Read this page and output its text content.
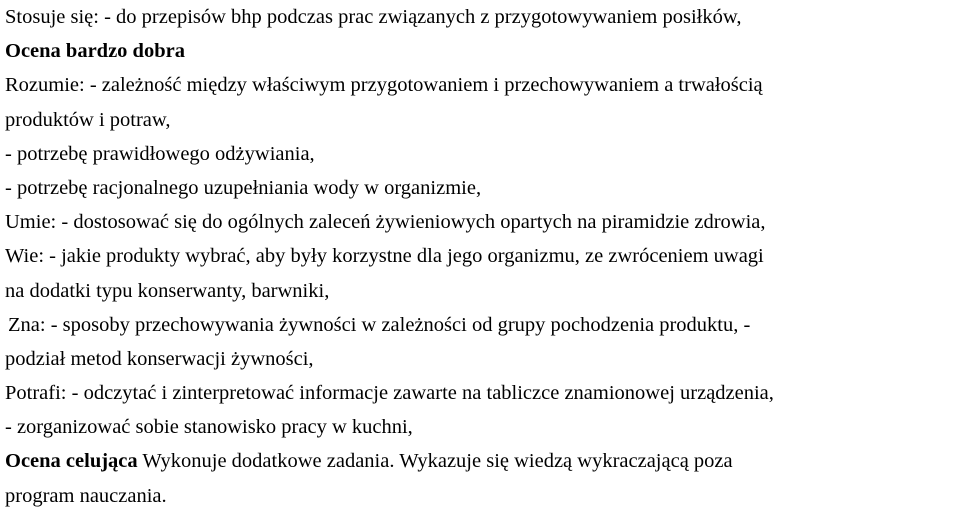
Stosuje się: - do przepisów bhp podczas prac związanych z przygotowywaniem posiłków,
Ocena bardzo dobra
Rozumie: - zależność między właściwym przygotowaniem i przechowywaniem a trwałością
produktów i potraw,
- potrzebę prawidłowego odżywiania,
- potrzebę racjonalnego uzupełniania wody w organizmie,
Umie: - dostosować się do ogólnych zaleceń żywieniowych opartych na piramidzie zdrowia,
Wie: - jakie produkty wybrać, aby były korzystne dla jego organizmu, ze zwróceniem uwagi
na dodatki typu konserwanty, barwniki,
Zna: - sposoby przechowywania żywności w zależności od grupy pochodzenia produktu, -
podział metod konserwacji żywności,
Potrafi: - odczytać i zinterpretować informacje zawarte na tabliczce znamionowej urządzenia,
- zorganizować sobie stanowisko pracy w kuchni,
Ocena celująca Wykonuje dodatkowe zadania. Wykazuje się wiedzą wykraczającą poza
program nauczania.
